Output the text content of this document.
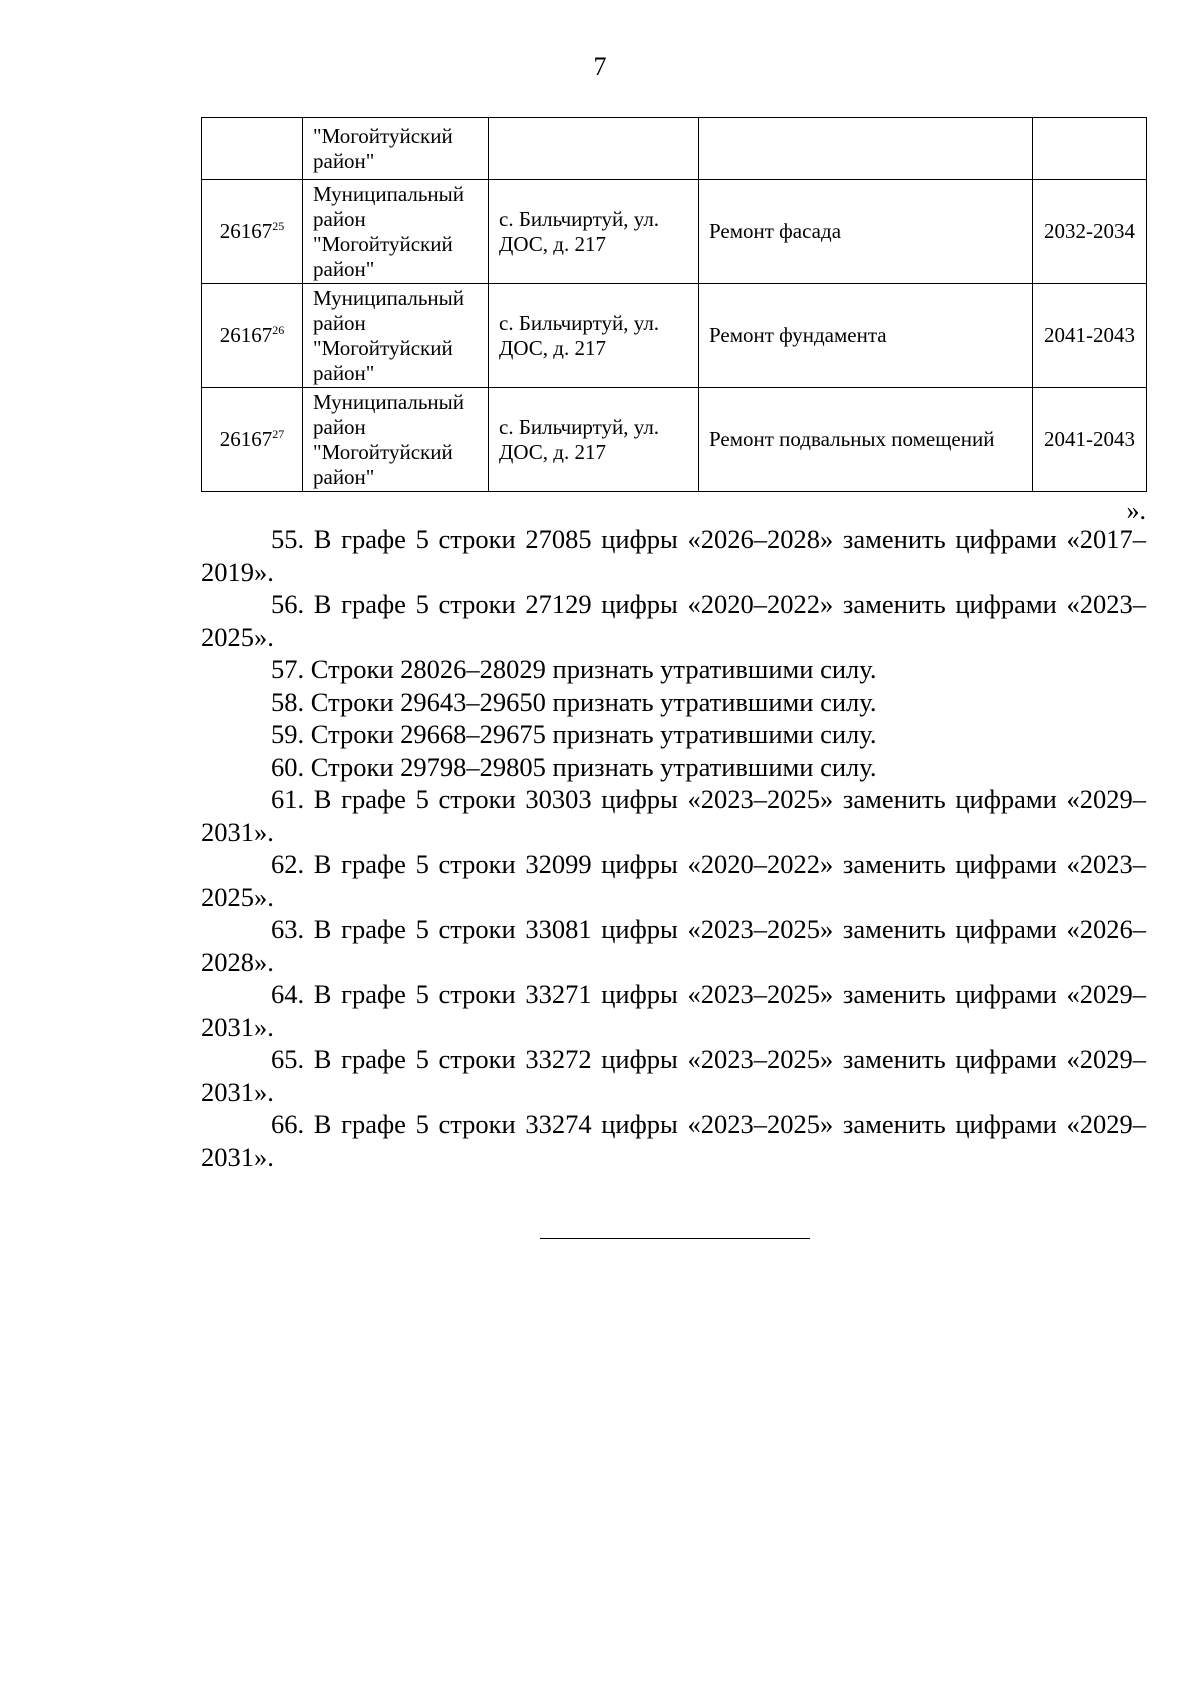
7
	"Могойтуйский район"			
26167$^{25}$	Муниципальный район "Могойтуйский район"	с. Бильчиртуй, ул. ДОС, д. 217	Ремонт фасада	2032-2034
26167$^{26}$	Муниципальный район "Могойтуйский район"	с. Бильчиртуй, ул. ДОС, д. 217	Ремонт фундамента	2041-2043
26167$^{27}$	Муниципальный район "Могойтуйский район"	с. Бильчиртуй, ул. ДОС, д. 217	Ремонт подвальных помещений	2041-2043
».

55. В графе 5 строки 27085 цифры «2026–2028» заменить цифрами «2017–2019».

56. В графе 5 строки 27129 цифры «2020–2022» заменить цифрами «2023–2025».

57. Строки 28026–28029 признать утратившими силу.

58. Строки 29643–29650 признать утратившими силу.

59. Строки 29668–29675 признать утратившими силу.

60. Строки 29798–29805 признать утратившими силу.

61. В графе 5 строки 30303 цифры «2023–2025» заменить цифрами «2029–2031».

62. В графе 5 строки 32099 цифры «2020–2022» заменить цифрами «2023–2025».

63. В графе 5 строки 33081 цифры «2023–2025» заменить цифрами «2026–2028».

64. В графе 5 строки 33271 цифры «2023–2025» заменить цифрами «2029–2031».

65. В графе 5 строки 33272 цифры «2023–2025» заменить цифрами «2029–2031».

66. В графе 5 строки 33274 цифры «2023–2025» заменить цифрами «2029–2031».
